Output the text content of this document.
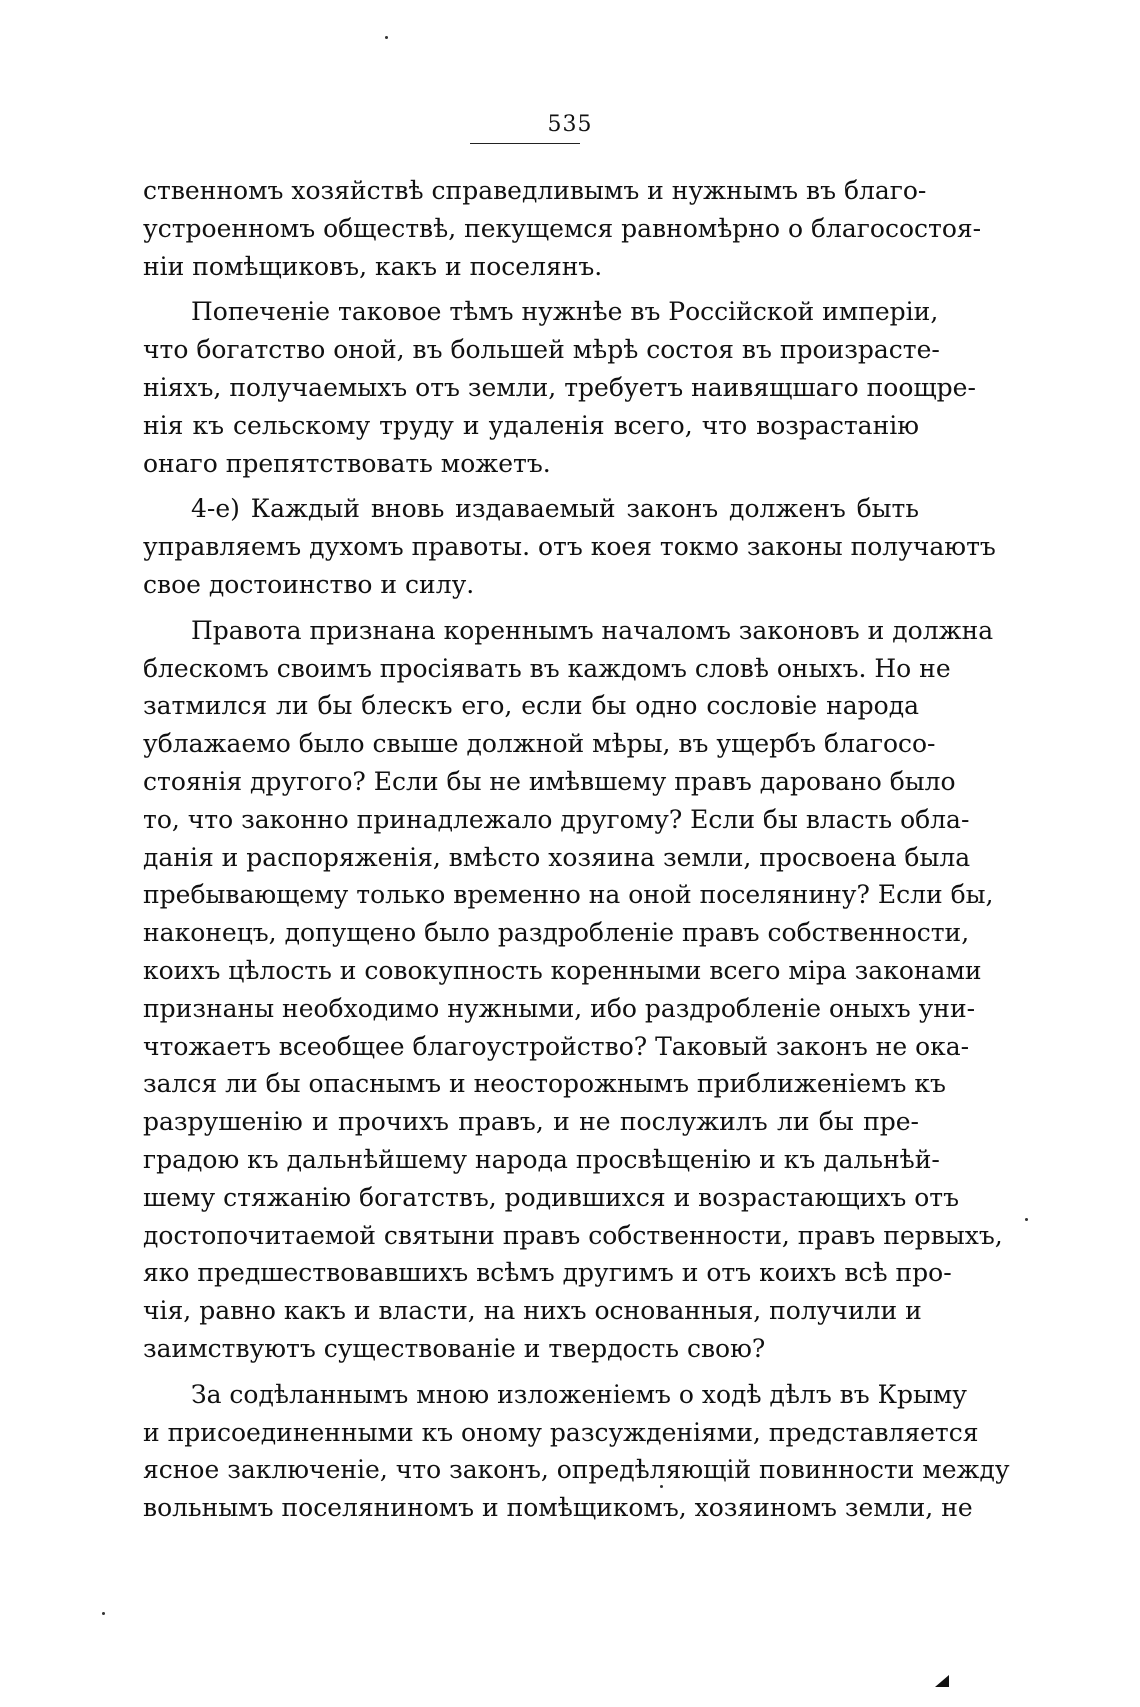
535
ственномъ хозяйствѣ справедливымъ и нужнымъ въ благо-
устроенномъ обществѣ, пекущемся равномѣрно о благосостоя-
ніи помѣщиковъ, какъ и поселянъ.
Попеченіе таковое тѣмъ нужнѣе въ Россійской имперіи,
что богатство оной, въ большей мѣрѣ состоя въ произрасте-
ніяхъ, получаемыхъ отъ земли, требуетъ наивящшаго поощре-
нія къ сельскому труду и удаленія всего, что возрастанію
онаго препятствовать можетъ.
4-е) Каждый вновь издаваемый законъ долженъ быть
управляемъ духомъ правоты. отъ коея токмо законы получаютъ
свое достоинство и силу.
Правота признана кореннымъ началомъ законовъ и должна
блескомъ своимъ просіявать въ каждомъ словѣ оныхъ. Но не
затмился ли бы блескъ его, если бы одно сословіе народа
ублажаемо было свыше должной мѣры, въ ущербъ благосо-
стоянія другого? Если бы не имѣвшему правъ даровано было
то, что законно принадлежало другому? Если бы власть обла-
данія и распоряженія, вмѣсто хозяина земли, просвоена была
пребывающему только временно на оной поселянину? Если бы,
наконецъ, допущено было раздробленіе правъ собственности,
коихъ цѣлость и совокупность коренными всего міра законами
признаны необходимо нужными, ибо раздробленіе оныхъ уни-
чтожаетъ всеобщее благоустройство? Таковый законъ не ока-
зался ли бы опаснымъ и неосторожнымъ приближеніемъ къ
разрушенію и прочихъ правъ, и не послужилъ ли бы пре-
градою къ дальнѣйшему народа просвѣщенію и къ дальнѣй-
шему стяжанію богатствъ, родившихся и возрастающихъ отъ
достопочитаемой святыни правъ собственности, правъ первыхъ,
яко предшествовавшихъ всѣмъ другимъ и отъ коихъ всѣ про-
чія, равно какъ и власти, на нихъ основанныя, получили и
заимствуютъ существованіе и твердость свою?
За содѣланнымъ мною изложеніемъ о ходѣ дѣлъ въ Крыму
и присоединенными къ оному разсужденіями, представляется
ясное заключеніе, что законъ, опредѣляющій повинности между
вольнымъ поселяниномъ и помѣщикомъ, хозяиномъ земли, не
